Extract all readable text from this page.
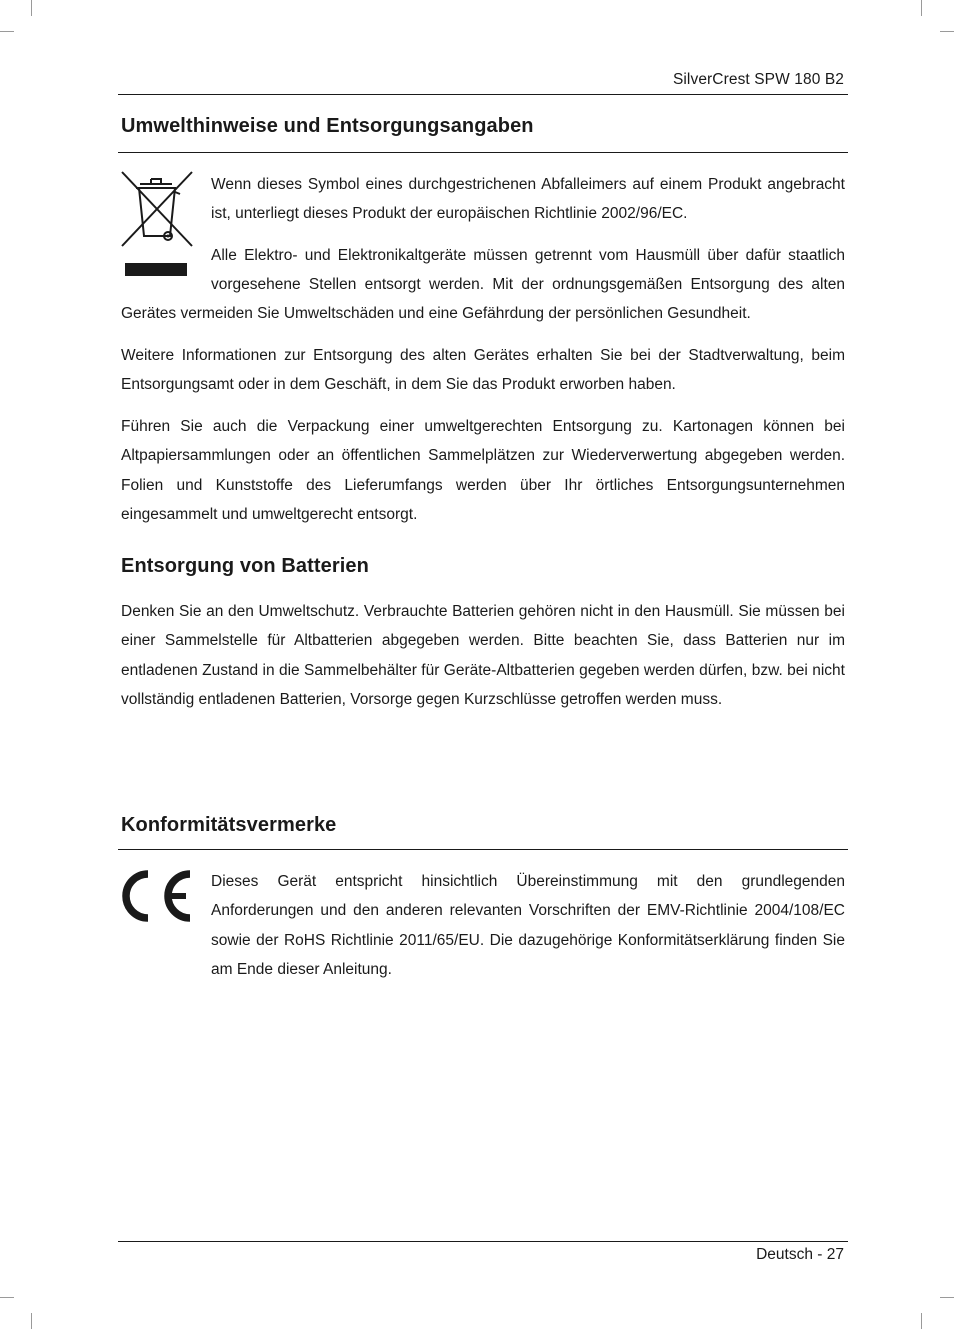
SilverCrest SPW 180 B2
Umwelthinweise und Entsorgungsangaben

Wenn dieses Symbol eines durchgestrichenen Abfalleimers auf einem Produkt angebracht ist, unterliegt dieses Produkt der europäischen Richtlinie 2002/96/EC.

Alle Elektro- und Elektronikaltgeräte müssen getrennt vom Hausmüll über dafür staatlich vorgesehene Stellen entsorgt werden. Mit der ordnungsgemäßen Entsorgung des alten

Gerätes vermeiden Sie Umweltschäden und eine Gefährdung der persönlichen Gesundheit.

Weitere Informationen zur Entsorgung des alten Gerätes erhalten Sie bei der Stadtverwaltung, beim Entsorgungsamt oder in dem Geschäft, in dem Sie das Produkt erworben haben.

Führen Sie auch die Verpackung einer umweltgerechten Entsorgung zu. Kartonagen können bei Altpapiersammlungen oder an öffentlichen Sammelplätzen zur Wiederverwertung abgegeben werden. Folien und Kunststoffe des Lieferumfangs werden über Ihr örtliches Entsorgungsunternehmen eingesammelt und umweltgerecht entsorgt.

Entsorgung von Batterien

Denken Sie an den Umweltschutz. Verbrauchte Batterien gehören nicht in den Hausmüll. Sie müssen bei einer Sammelstelle für Altbatterien abgegeben werden. Bitte beachten Sie, dass Batterien nur im entladenen Zustand in die Sammelbehälter für Geräte-Altbatterien gegeben werden dürfen, bzw. bei nicht vollständig entladenen Batterien, Vorsorge gegen Kurzschlüsse getroffen werden muss.

Konformitätsvermerke

Dieses Gerät entspricht hinsichtlich Übereinstimmung mit den grundlegenden Anforderungen und den anderen relevanten Vorschriften der EMV-Richtlinie 2004/108/EC sowie der RoHS Richtlinie 2011/65/EU. Die dazugehörige Konformitätserklärung finden Sie am Ende dieser Anleitung.

Deutsch - 27
